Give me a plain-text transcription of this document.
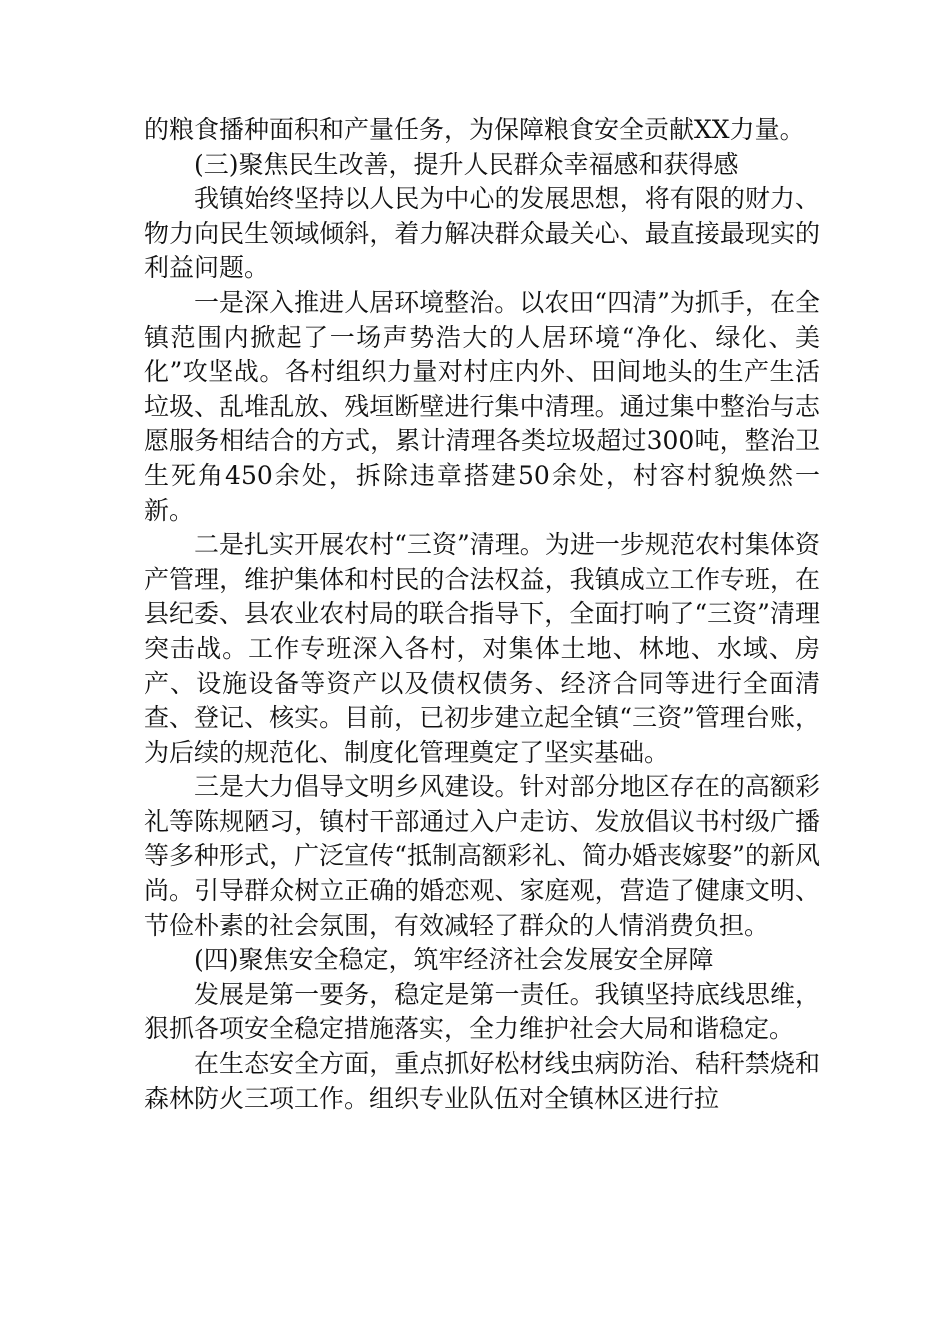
的粮食播种面积和产量任务，为保障粮食安全贡献XX力量。

(三)聚焦民生改善，提升人民群众幸福感和获得感

我镇始终坚持以人民为中心的发展思想，将有限的财力、物力向民生领域倾斜，着力解决群众最关心、最直接最现实的利益问题。

一是深入推进人居环境整治。以农田“四清”为抓手，在全镇范围内掀起了一场声势浩大的人居环境“净化、绿化、美化”攻坚战。各村组织力量对村庄内外、田间地头的生产生活垃圾、乱堆乱放、残垣断壁进行集中清理。通过集中整治与志愿服务相结合的方式，累计清理各类垃圾超过300吨，整治卫生死角450余处，拆除违章搭建50余处，村容村貌焕然一新。

二是扎实开展农村“三资”清理。为进一步规范农村集体资产管理，维护集体和村民的合法权益，我镇成立工作专班，在县纪委、县农业农村局的联合指导下，全面打响了“三资”清理突击战。工作专班深入各村，对集体土地、林地、水域、房产、设施设备等资产以及债权债务、经济合同等进行全面清查、登记、核实。目前，已初步建立起全镇“三资”管理台账，为后续的规范化、制度化管理奠定了坚实基础。

三是大力倡导文明乡风建设。针对部分地区存在的高额彩礼等陈规陋习，镇村干部通过入户走访、发放倡议书村级广播等多种形式，广泛宣传“抵制高额彩礼、简办婚丧嫁娶”的新风尚。引导群众树立正确的婚恋观、家庭观，营造了健康文明、节俭朴素的社会氛围，有效减轻了群众的人情消费负担。

(四)聚焦安全稳定，筑牢经济社会发展安全屏障

发展是第一要务，稳定是第一责任。我镇坚持底线思维，狠抓各项安全稳定措施落实，全力维护社会大局和谐稳定。

在生态安全方面，重点抓好松材线虫病防治、秸秆禁烧和森林防火三项工作。组织专业队伍对全镇林区进行拉
